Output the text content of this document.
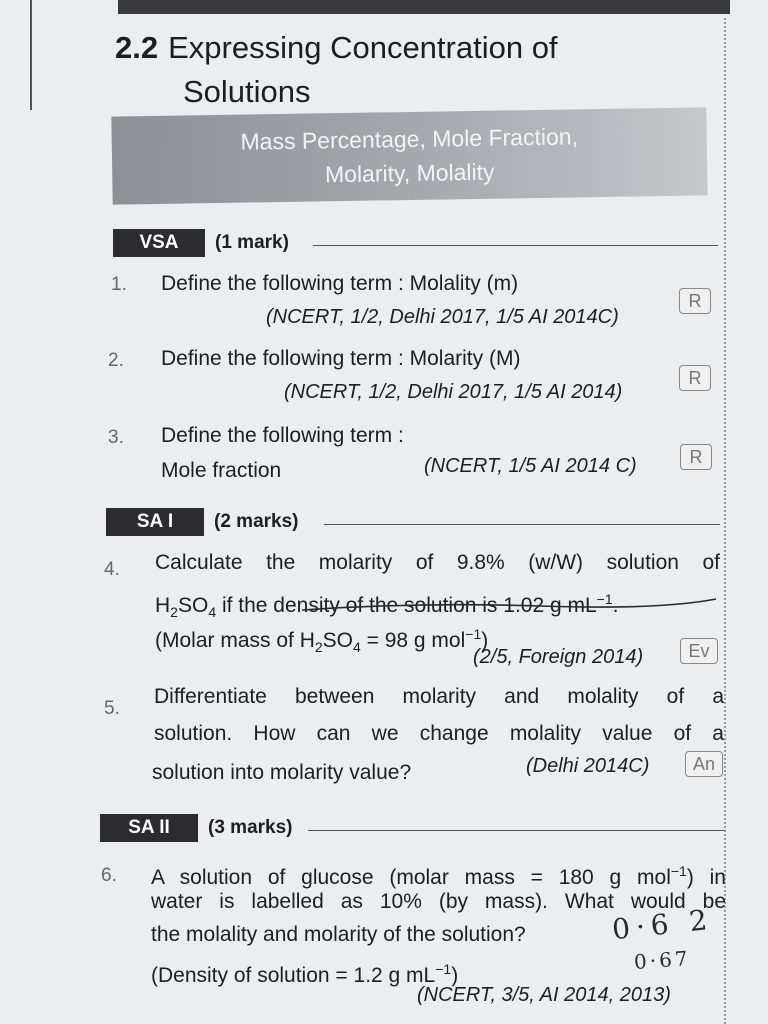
2.2 Expressing Concentration of
Solutions
Mass Percentage, Mole Fraction,
Molarity, Molality
VSA	(1 mark)
1. Define the following term : Molality (m)
(NCERT, 1/2, Delhi 2017, 1/5 AI 2014C)
R
2. Define the following term : Molarity (M)
(NCERT, 1/2, Delhi 2017, 1/5 AI 2014)
R
3. Define the following term :
Mole fraction	(NCERT, 1/5 AI 2014 C)	R
SA I	(2 marks)
4. Calculate the molarity of 9.8% (w/W) solution of
$H_2SO_4$ if the density of the solution is 1.02 g $mL^{-1}$.
(Molar mass of $H_2SO_4 = 98$ g mol$^{-1}$)
(2/5, Foreign 2014)	Ev
5.
Differentiate between molarity and molality of a
solution. How can we change molality value of a
solution into molarity value?	(Delhi 2014C)	An
SA II	(3 marks)
6. A solution of glucose (molar mass = 180 g mol$^{-1}$) in
water is labelled as 10% (by mass). What would be
the molality and molarity of the solution?
(Density of solution = 1.2 g $mL^{-1}$)
(NCERT, 3/5, AI 2014, 2013)
0·6 2
0·67
